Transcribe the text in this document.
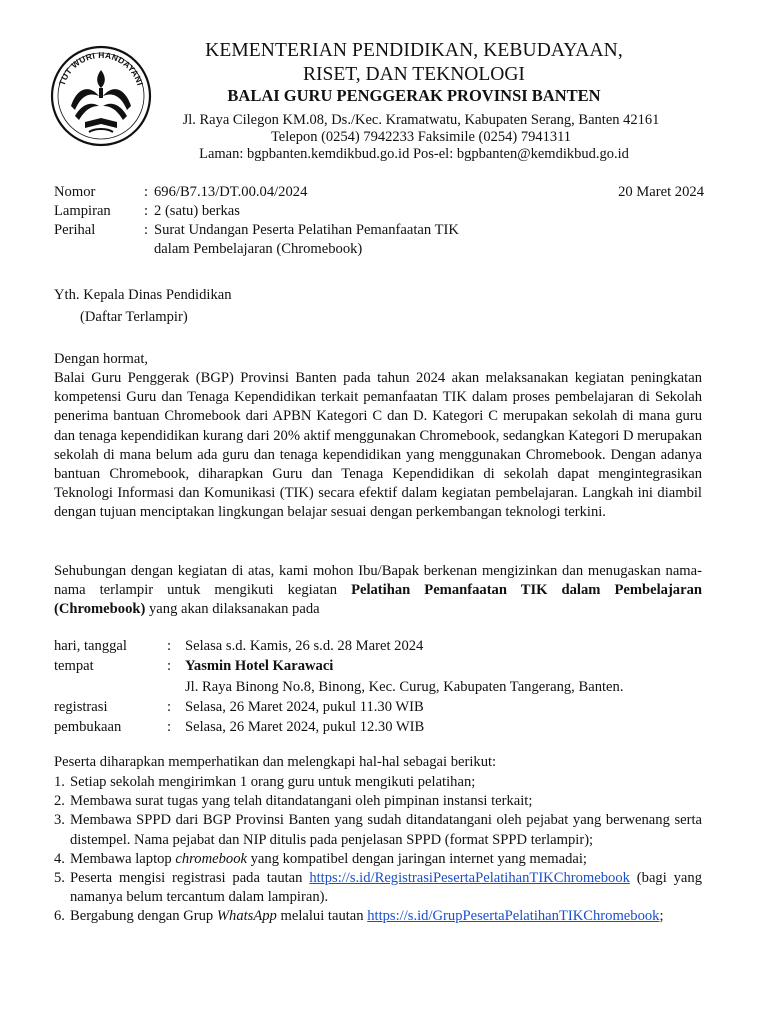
TUT WURI HANDAYANI
KEMENTERIAN PENDIDIKAN, KEBUDAYAAN,
RISET, DAN TEKNOLOGI
BALAI GURU PENGGERAK PROVINSI BANTEN
Jl. Raya Cilegon KM.08, Ds./Kec. Kramatwatu, Kabupaten Serang, Banten 42161
Telepon (0254) 7942233 Faksimile (0254) 7941311
Laman: bgpbanten.kemdikbud.go.id Pos-el: bgpbanten@kemdikbud.go.id
Nomor	: 696/B7.13/DT.00.04/2024	20 Maret 2024
Lampiran : 2 (satu) berkas
Perihal	: Surat Undangan Peserta Pelatihan Pemanfaatan TIK
dalam Pembelajaran (Chromebook)
Yth. Kepala Dinas Pendidikan
(Daftar Terlampir)
Dengan hormat,
Balai Guru Penggerak (BGP) Provinsi Banten pada tahun 2024 akan melaksanakan kegiatan peningkatan kompetensi Guru dan Tenaga Kependidikan terkait pemanfaatan TIK dalam proses pembelajaran di Sekolah penerima bantuan Chromebook dari APBN Kategori C dan D. Kategori C merupakan sekolah di mana guru dan tenaga kependidikan kurang dari 20% aktif menggunakan Chromebook, sedangkan Kategori D merupakan sekolah di mana belum ada guru dan tenaga kependidikan yang menggunakan Chromebook. Dengan adanya bantuan Chromebook, diharapkan Guru dan Tenaga Kependidikan di sekolah dapat mengintegrasikan Teknologi Informasi dan Komunikasi (TIK) secara efektif dalam kegiatan pembelajaran. Langkah ini diambil dengan tujuan menciptakan lingkungan belajar sesuai dengan perkembangan teknologi terkini.
Sehubungan dengan kegiatan di atas, kami mohon Ibu/Bapak berkenan mengizinkan dan menugaskan nama-nama terlampir untuk mengikuti kegiatan Pelatihan Pemanfaatan TIK dalam Pembelajaran (Chromebook) yang akan dilaksanakan pada
hari, tanggal	: Selasa s.d. Kamis, 26 s.d. 28 Maret 2024
tempat	: Yasmin Hotel Karawaci
Jl. Raya Binong No.8, Binong, Kec. Curug, Kabupaten Tangerang, Banten.
registrasi	: Selasa, 26 Maret 2024, pukul 11.30 WIB
pembukaan	: Selasa, 26 Maret 2024, pukul 12.30 WIB
Peserta diharapkan memperhatikan dan melengkapi hal-hal sebagai berikut:
1. Setiap sekolah mengirimkan 1 orang guru untuk mengikuti pelatihan;
2. Membawa surat tugas yang telah ditandatangani oleh pimpinan instansi terkait;
3. Membawa SPPD dari BGP Provinsi Banten yang sudah ditandatangani oleh pejabat yang berwenang serta distempel. Nama pejabat dan NIP ditulis pada penjelasan SPPD (format SPPD terlampir);
4. Membawa laptop chromebook yang kompatibel dengan jaringan internet yang memadai;
5. Peserta mengisi registrasi pada tautan https://s.id/RegistrasiPesertaPelatihanTIKChromebook (bagi yang namanya belum tercantum dalam lampiran).
6. Bergabung dengan Grup WhatsApp melalui tautan https://s.id/GrupPesertaPelatihanTIKChromebook;
